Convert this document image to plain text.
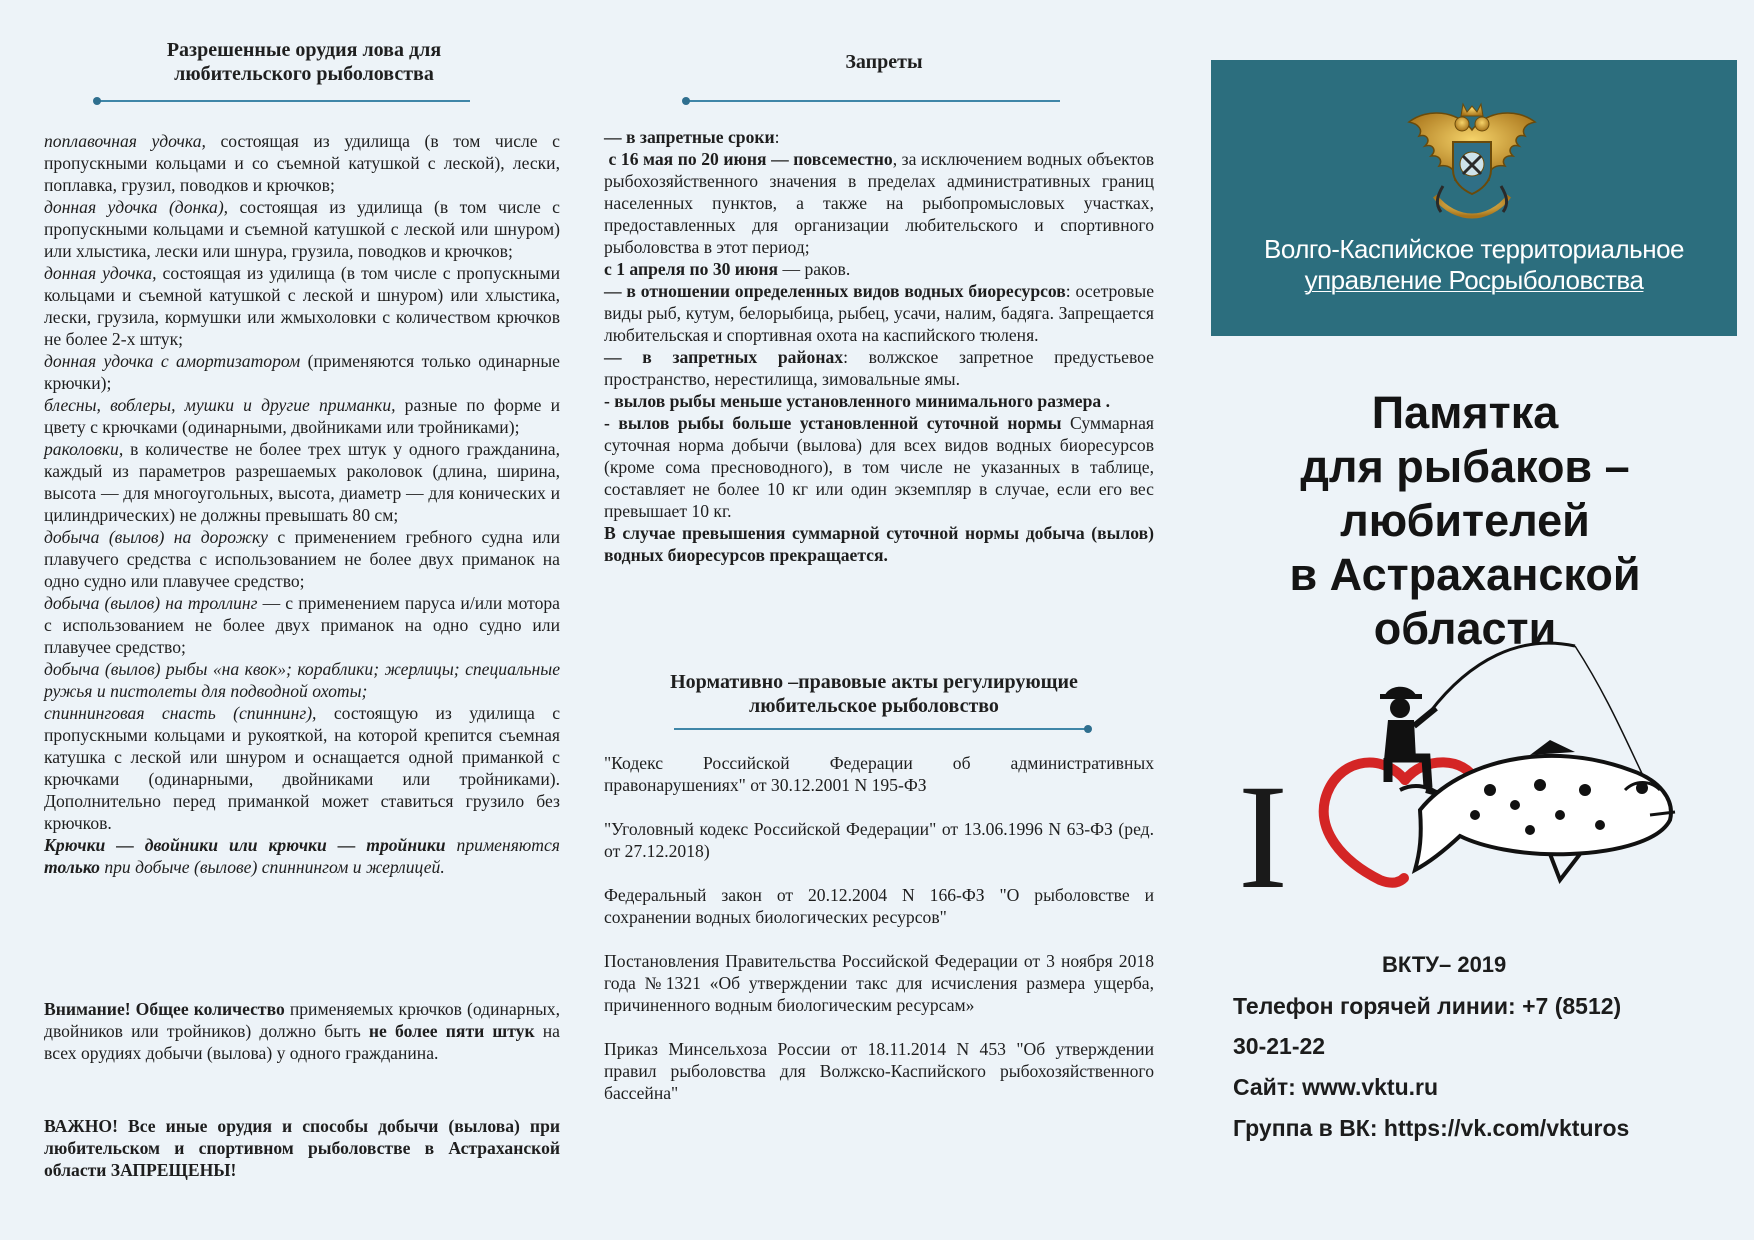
Разрешенные орудия лова для любительского рыболовства

поплавочная удочка, состоящая из удилища (в том числе с пропускными кольцами и со съемной катушкой с леской), лески, поплавка, грузил, поводков и крючков;

донная удочка (донка), состоящая из удилища (в том числе с пропускными кольцами и съемной катушкой с леской или шнуром) или хлыстика, лески или шнура, грузила, поводков и крючков;

донная удочка, состоящая из удилища (в том числе с пропускными кольцами и съемной катушкой с леской и шнуром) или хлыстика, лески, грузила, кормушки или жмыхоловки с количеством крючков не более 2-х штук;

донная удочка с амортизатором (применяются только одинарные крючки);

блесны, воблеры, мушки и другие приманки, разные по форме и цвету с крючками (одинарными, двойниками или тройниками);

раколовки, в количестве не более трех штук у одного гражданина, каждый из параметров разрешаемых раколовок (длина, ширина, высота — для многоугольных, высота, диаметр — для конических и цилиндрических) не должны превышать 80 см;

добыча (вылов) на дорожку с применением гребного судна или плавучего средства с использованием не более двух приманок на одно судно или плавучее средство;

добыча (вылов) на троллинг — с применением паруса и/или мотора с использованием не более двух приманок на одно судно или плавучее средство;

добыча (вылов) рыбы «на квок»; кораблики; жерлицы; специальные ружья и пистолеты для подводной охоты;

спиннинговая снасть (спиннинг), состоящую из удилища с пропускными кольцами и рукояткой, на которой крепится съемная катушка с леской или шнуром и оснащается одной приманкой с крючками (одинарными, двойниками или тройниками). Дополнительно перед приманкой может ставиться грузило без крючков.

Крючки — двойники или крючки — тройники применяются только при добыче (вылове) спиннингом и жерлицей.

Внимание! Общее количество применяемых крючков (одинарных, двойников или тройников) должно быть не более пяти штук на всех орудиях добычи (вылова) у одного гражданина.

ВАЖНО! Все иные орудия и способы добычи (вылова) при любительском и спортивном рыболовстве в Астраханской области ЗАПРЕЩЕНЫ!
Запреты

— в запретные сроки:

с 16 мая по 20 июня — повсеместно, за исключением водных объектов рыбохозяйственного значения в пределах административных границ населенных пунктов, а также на рыбопромысловых участках, предоставленных для организации любительского и спортивного рыболовства в этот период;

с 1 апреля по 30 июня — раков.

— в отношении определенных видов водных биоресурсов: осетровые виды рыб, кутум, белорыбица, рыбец, усачи, налим, бадяга. Запрещается любительская и спортивная охота на каспийского тюленя.

— в запретных районах: волжское запретное предустьевое пространство, нерестилища, зимовальные ямы.

- вылов рыбы меньше установленного минимального размера .

- вылов рыбы больше установленной суточной нормы Суммарная суточная норма добычи (вылова) для всех видов водных биоресурсов (кроме сома пресноводного), в том числе не указанных в таблице, составляет не более 10 кг или один экземпляр в случае, если его вес превышает 10 кг.

В случае превышения суммарной суточной нормы добыча (вылов) водных биоресурсов прекращается.

Нормативно –правовые акты регулирующие любительское рыболовство

"Кодекс Российской Федерации об административных правонарушениях" от 30.12.2001 N 195-ФЗ

"Уголовный кодекс Российской Федерации" от 13.06.1996 N 63-ФЗ (ред. от 27.12.2018)

Федеральный закон от 20.12.2004 N 166-ФЗ "О рыболовстве и сохранении водных биологических ресурсов"

Постановления Правительства Российской Федерации от 3 ноября 2018 года №1321 «Об утверждении такс для исчисления размера ущерба, причиненного водным биологическим ресурсам»

Приказ Минсельхоза России от 18.11.2014 N 453 "Об утверждении правил рыболовства для Волжско-Каспийского рыбохозяйственного бассейна"

Волго-Каспийское территориальное
управление Росрыболовства
Памятка
для рыбаков –
любителей
в Астраханской
области
I
ВКТУ– 2019
Телефон горячей линии: +7 (8512)
30-21-22
Сайт: www.vktu.ru
Группа в ВК: https://vk.com/vkturos
